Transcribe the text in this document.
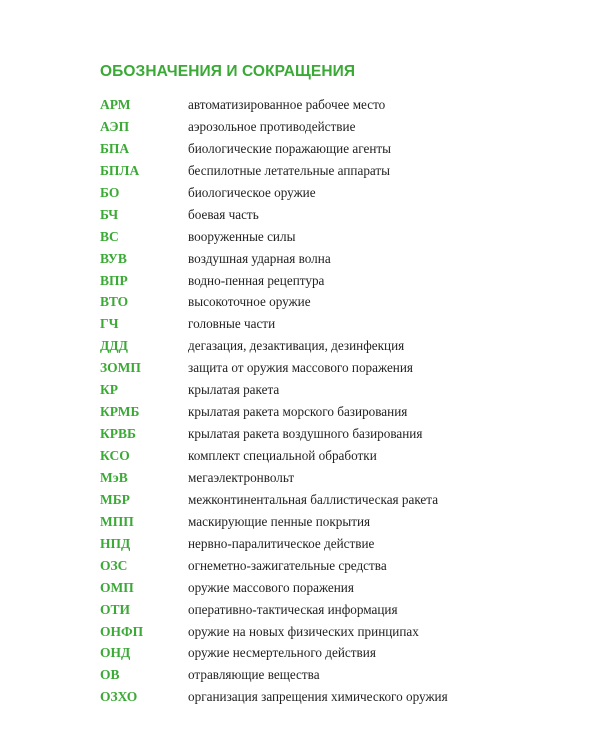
ОБОЗНАЧЕНИЯ И СОКРАЩЕНИЯ
АРМ	автоматизированное рабочее место
АЭП	аэрозольное противодействие
БПА	биологические поражающие агенты
БПЛА	беспилотные летательные аппараты
БО	биологическое оружие
БЧ	боевая часть
ВС	вооруженные силы
ВУВ	воздушная ударная волна
ВПР	водно-пенная рецептура
ВТО	высокоточное оружие
ГЧ	головные части
ДДД	дегазация, дезактивация, дезинфекция
ЗОМП	защита от оружия массового поражения
КР	крылатая ракета
КРМБ	крылатая ракета морского базирования
КРВБ	крылатая ракета воздушного базирования
КСО	комплект специальной обработки
МэВ	мегаэлектронвольт
МБР	межконтинентальная баллистическая ракета
МПП	маскирующие пенные покрытия
НПД	нервно-паралитическое действие
ОЗС	огнеметно-зажигательные средства
ОМП	оружие массового поражения
ОТИ	оперативно-тактическая информация
ОНФП	оружие на новых физических принципах
ОНД	оружие несмертельного действия
ОВ	отравляющие вещества
ОЗХО	организация запрещения химического оружия
